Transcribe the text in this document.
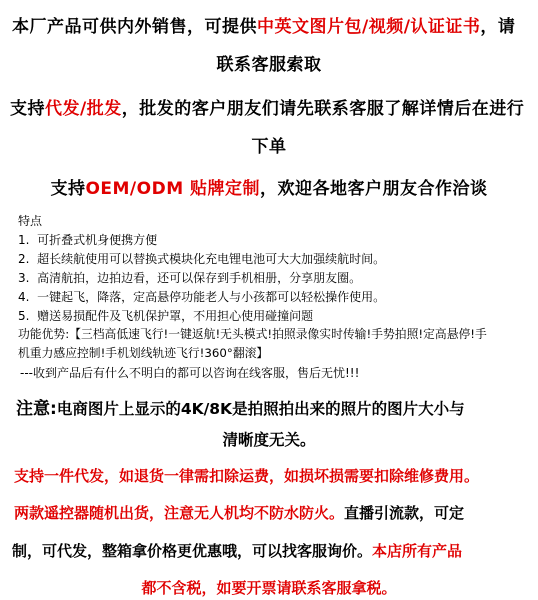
本厂产品可供内外销售，可提供中英文图片包/视频/认证证书，请
联系客服索取
支持代发/批发，批发的客户朋友们请先联系客服了解详情后在进行
下单
支持OEM/ODM 贴牌定制，欢迎各地客户朋友合作洽谈
特点
1.  可折叠式机身便携方便
2.  超长续航使用可以替换式模块化充电锂电池可大大加强续航时间。
3.  高清航拍，边拍边看，还可以保存到手机相册，分享朋友圈。
4.  一键起飞，降落，定高悬停功能老人与小孩都可以轻松操作使用。
5.  赠送易损配件及飞机保护罩，不用担心使用碰撞问题
功能优势:【三档高低速飞行!一键返航!无头模式!拍照录像实时传输!手势拍照!定高悬停!手
机重力感应控制!手机划线轨迹飞行!360°翻滚】
---收到产品后有什么不明白的都可以咨询在线客服，售后无忧!!!
注意:电商图片上显示的4K/8K是拍照拍出来的照片的图片大小与
清晰度无关。
支持一件代发，如退货一律需扣除运费，如损坏损需要扣除维修费用。
两款遥控器随机出货，注意无人机均不防水防火。直播引流款，可定
制，可代发，整箱拿价格更优惠哦，可以找客服询价。本店所有产品
都不含税，如要开票请联系客服拿税。
